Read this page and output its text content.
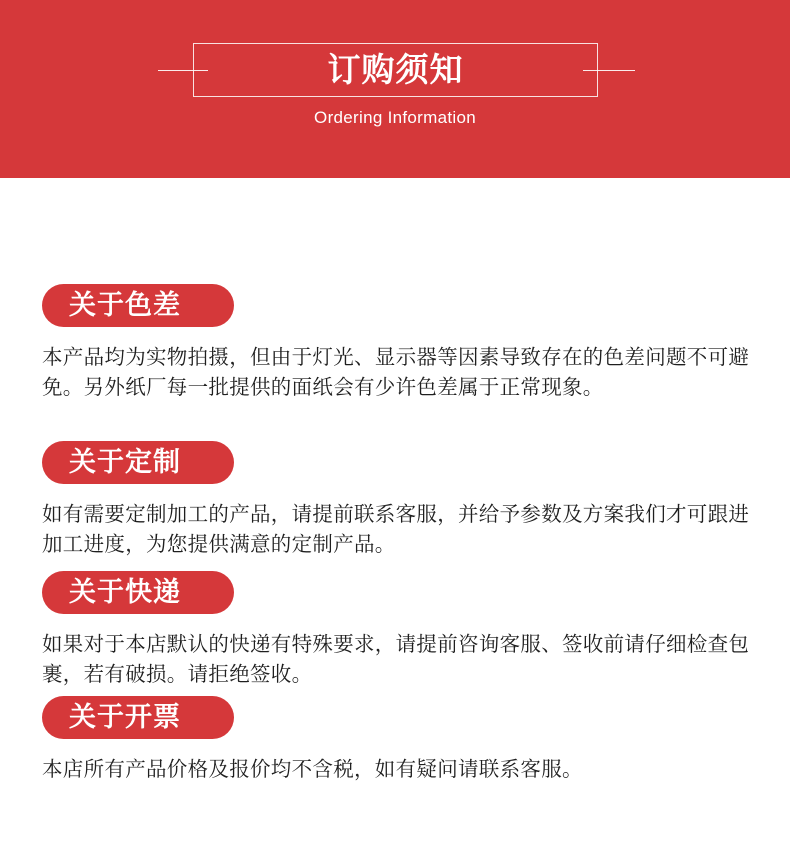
订购须知
Ordering Information
关于色差
本产品均为实物拍摄，但由于灯光、显示器等因素导致存在的色差问题不可避免。另外纸厂每一批提供的面纸会有少许色差属于正常现象。
关于定制
如有需要定制加工的产品，请提前联系客服，并给予参数及方案我们才可跟进加工进度，为您提供满意的定制产品。
关于快递
如果对于本店默认的快递有特殊要求，请提前咨询客服、签收前请仔细检查包裹，若有破损。请拒绝签收。
关于开票
本店所有产品价格及报价均不含税，如有疑问请联系客服。
